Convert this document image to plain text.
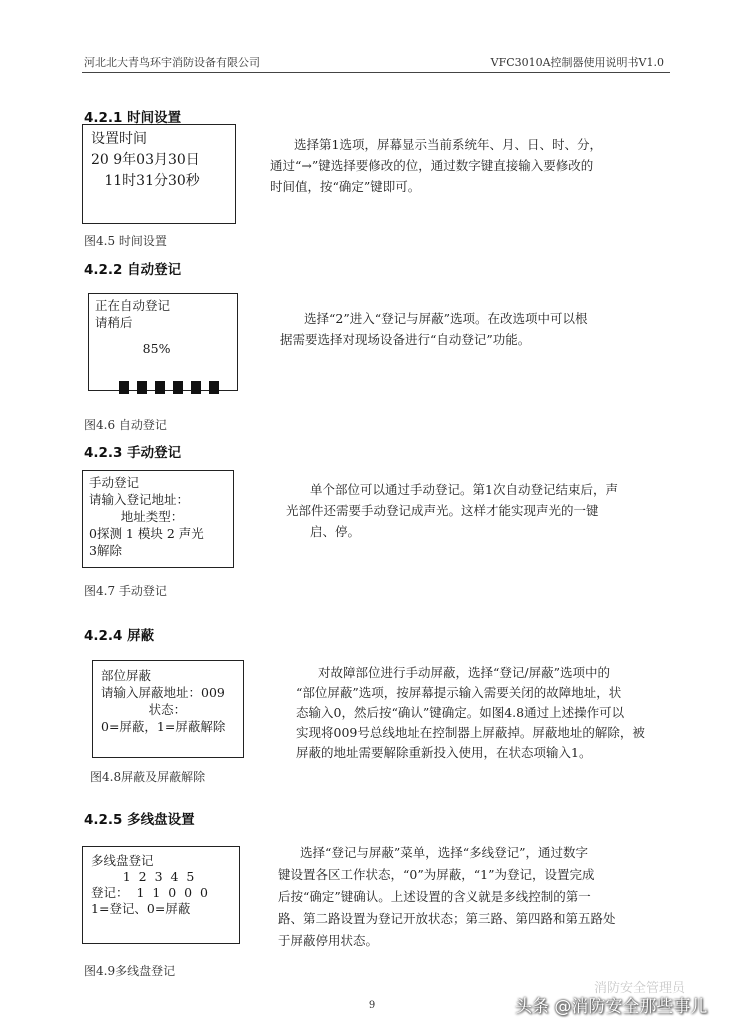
河北北大青鸟环宇消防设备有限公司	VFC3010A控制器使用说明书V1.0
4.2.1 时间设置
设置时间
20 9年03月30日
11时31分30秒
选择第1选项，屏幕显示当前系统年、月、日、时、分，
通过“→”键选择要修改的位，通过数字键直接输入要修改的
时间值，按“确定”键即可。
图4.5 时间设置
4.2.2 自动登记
正在自动登记
请稍后
85%

选择“2”进入“登记与屏蔽”选项。在改选项中可以根
据需要选择对现场设备进行“自动登记”功能。
图4.6 自动登记
4.2.3 手动登记
手动登记
请输入登记地址：
地址类型：
0探测 1 模块 2 声光
3解除
单个部位可以通过手动登记。第1次自动登记结束后，声
光部件还需要手动登记成声光。这样才能实现声光的一键
启、停。
图4.7 手动登记
4.2.4 屏蔽
部位屏蔽
请输入屏蔽地址：009
状态：
0=屏蔽，1=屏蔽解除
对故障部位进行手动屏蔽，选择“登记/屏蔽”选项中的
“部位屏蔽”选项，按屏幕提示输入需要关闭的故障地址，状
态输入0，然后按“确认”键确定。如图4.8通过上述操作可以
实现将009号总线地址在控制器上屏蔽掉。屏蔽地址的解除，被
屏蔽的地址需要解除重新投入使用，在状态项输入1。
图4.8屏蔽及屏蔽解除
4.2.5 多线盘设置
多线盘登记
1  2  3  4  5
登记：  1  1  0  0  0
1=登记、0=屏蔽
选择“登记与屏蔽”菜单，选择“多线登记”，通过数字
键设置各区工作状态，“0”为屏蔽，“1”为登记，设置完成
后按“确定”键确认。上述设置的含义就是多线控制的第一
路、第二路设置为登记开放状态；第三路、第四路和第五路处
于屏蔽停用状态。
图4.9多线盘登记
消防安全管理员
头条 @消防安全那些事儿
9
